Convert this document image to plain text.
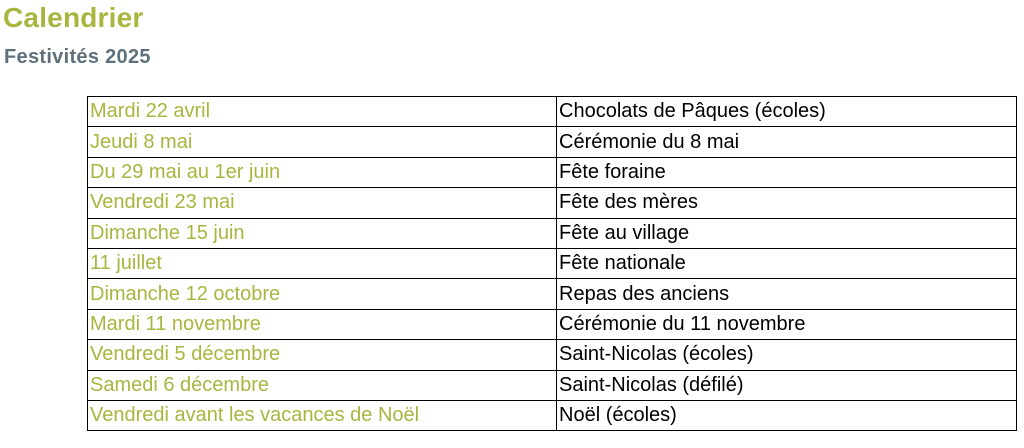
Calendrier
Festivités 2025
Mardi 22 avril	Chocolats de Pâques (écoles)
Jeudi 8 mai	Cérémonie du 8 mai
Du 29 mai au 1er juin	Fête foraine
Vendredi 23 mai	Fête des mères
Dimanche 15 juin	Fête au village
11 juillet	Fête nationale
Dimanche 12 octobre	Repas des anciens
Mardi 11 novembre	Cérémonie du 11 novembre
Vendredi 5 décembre	Saint-Nicolas (écoles)
Samedi 6 décembre	Saint-Nicolas (défilé)
Vendredi avant les vacances de Noël	Noël (écoles)
